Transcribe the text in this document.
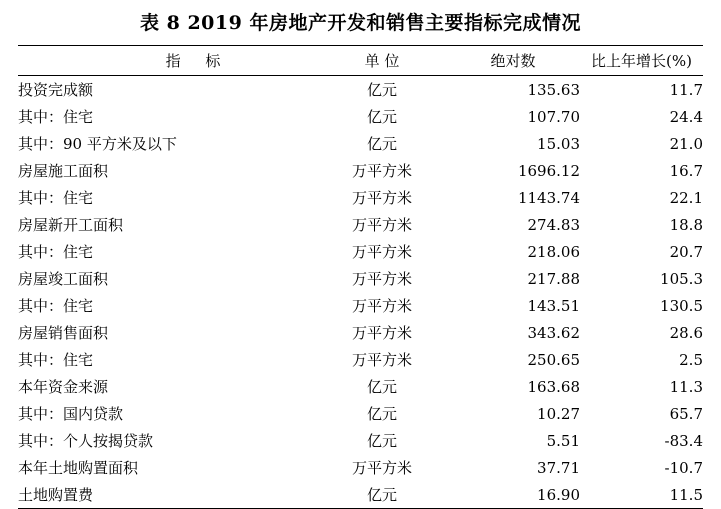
表 8 2019 年房地产开发和销售主要指标完成情况
指 标	单 位	绝对数	比上年增长(%)
投资完成额	亿元	135.63	11.7
其中：住宅	亿元	107.70	24.4
其中：90 平方米及以下	亿元	15.03	21.0
房屋施工面积	万平方米	1696.12	16.7
其中：住宅	万平方米	1143.74	22.1
房屋新开工面积	万平方米	274.83	18.8
其中：住宅	万平方米	218.06	20.7
房屋竣工面积	万平方米	217.88	105.3
其中：住宅	万平方米	143.51	130.5
房屋销售面积	万平方米	343.62	28.6
其中：住宅	万平方米	250.65	2.5
本年资金来源	亿元	163.68	11.3
其中：国内贷款	亿元	10.27	65.7
其中：个人按揭贷款	亿元	5.51	-83.4
本年土地购置面积	万平方米	37.71	-10.7
土地购置费	亿元	16.90	11.5
